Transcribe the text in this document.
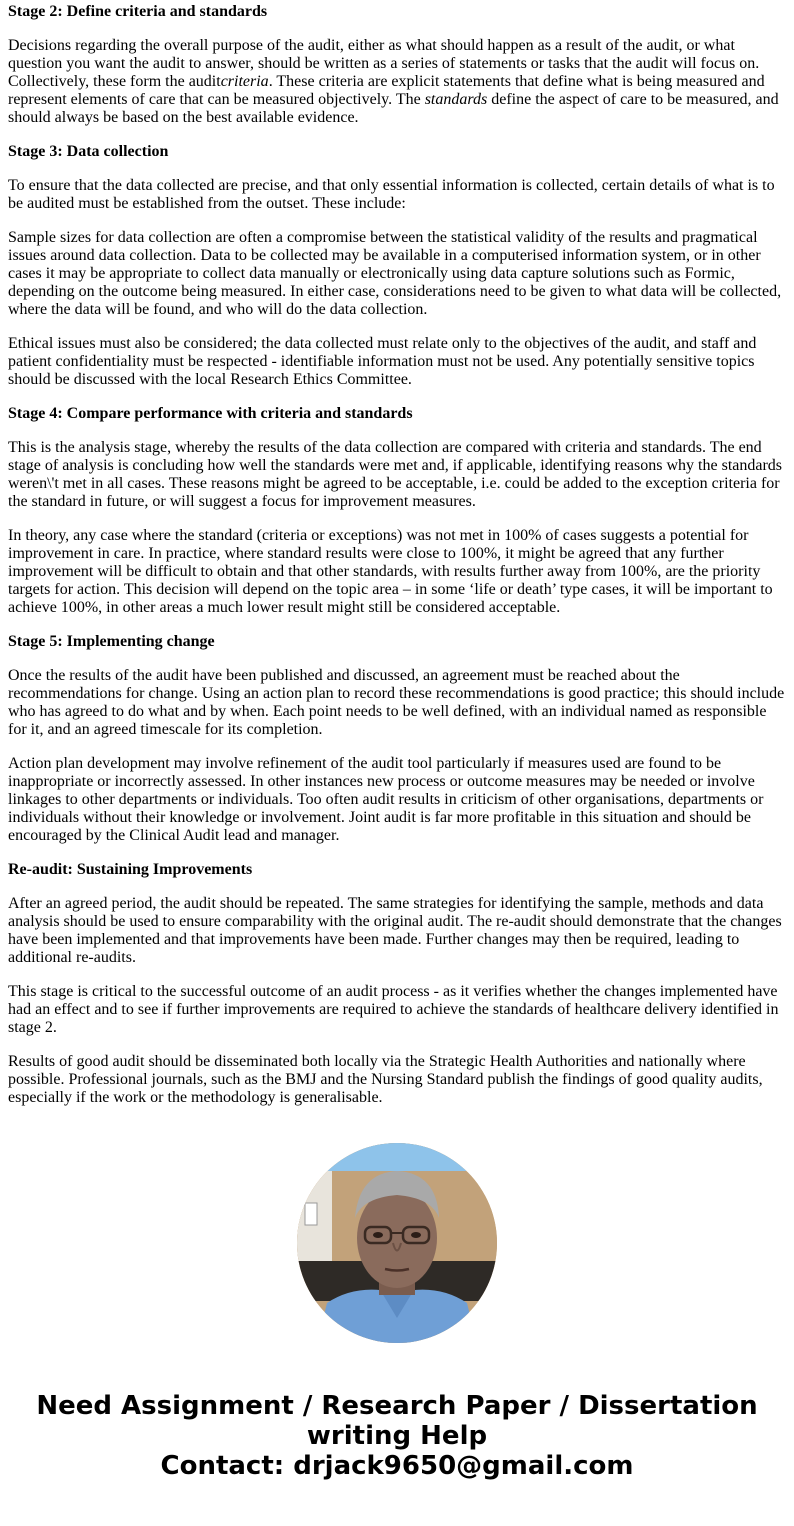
Stage 2: Define criteria and standards

Decisions regarding the overall purpose of the audit, either as what should happen as a result of the audit, or what question you want the audit to answer, should be written as a series of statements or tasks that the audit will focus on. Collectively, these form the auditcriteria. These criteria are explicit statements that define what is being measured and represent elements of care that can be measured objectively. The standards define the aspect of care to be measured, and should always be based on the best available evidence.

Stage 3: Data collection

To ensure that the data collected are precise, and that only essential information is collected, certain details of what is to be audited must be established from the outset. These include:

Sample sizes for data collection are often a compromise between the statistical validity of the results and pragmatical issues around data collection. Data to be collected may be available in a computerised information system, or in other cases it may be appropriate to collect data manually or electronically using data capture solutions such as Formic, depending on the outcome being measured. In either case, considerations need to be given to what data will be collected, where the data will be found, and who will do the data collection.

Ethical issues must also be considered; the data collected must relate only to the objectives of the audit, and staff and patient confidentiality must be respected - identifiable information must not be used. Any potentially sensitive topics should be discussed with the local Research Ethics Committee.

Stage 4: Compare performance with criteria and standards

This is the analysis stage, whereby the results of the data collection are compared with criteria and standards. The end stage of analysis is concluding how well the standards were met and, if applicable, identifying reasons why the standards weren\'t met in all cases. These reasons might be agreed to be acceptable, i.e. could be added to the exception criteria for the standard in future, or will suggest a focus for improvement measures.

In theory, any case where the standard (criteria or exceptions) was not met in 100% of cases suggests a potential for improvement in care. In practice, where standard results were close to 100%, it might be agreed that any further improvement will be difficult to obtain and that other standards, with results further away from 100%, are the priority targets for action. This decision will depend on the topic area – in some ‘life or death’ type cases, it will be important to achieve 100%, in other areas a much lower result might still be considered acceptable.

Stage 5: Implementing change

Once the results of the audit have been published and discussed, an agreement must be reached about the recommendations for change. Using an action plan to record these recommendations is good practice; this should include who has agreed to do what and by when. Each point needs to be well defined, with an individual named as responsible for it, and an agreed timescale for its completion.

Action plan development may involve refinement of the audit tool particularly if measures used are found to be inappropriate or incorrectly assessed. In other instances new process or outcome measures may be needed or involve linkages to other departments or individuals. Too often audit results in criticism of other organisations, departments or individuals without their knowledge or involvement. Joint audit is far more profitable in this situation and should be encouraged by the Clinical Audit lead and manager.

Re-audit: Sustaining Improvements

After an agreed period, the audit should be repeated. The same strategies for identifying the sample, methods and data analysis should be used to ensure comparability with the original audit. The re-audit should demonstrate that the changes have been implemented and that improvements have been made. Further changes may then be required, leading to additional re-audits.

This stage is critical to the successful outcome of an audit process - as it verifies whether the changes implemented have had an effect and to see if further improvements are required to achieve the standards of healthcare delivery identified in stage 2.

Results of good audit should be disseminated both locally via the Strategic Health Authorities and nationally where possible. Professional journals, such as the BMJ and the Nursing Standard publish the findings of good quality audits, especially if the work or the methodology is generalisable.

Need Assignment / Research Paper / Dissertation writing Help
Contact: drjack9650@gmail.com
